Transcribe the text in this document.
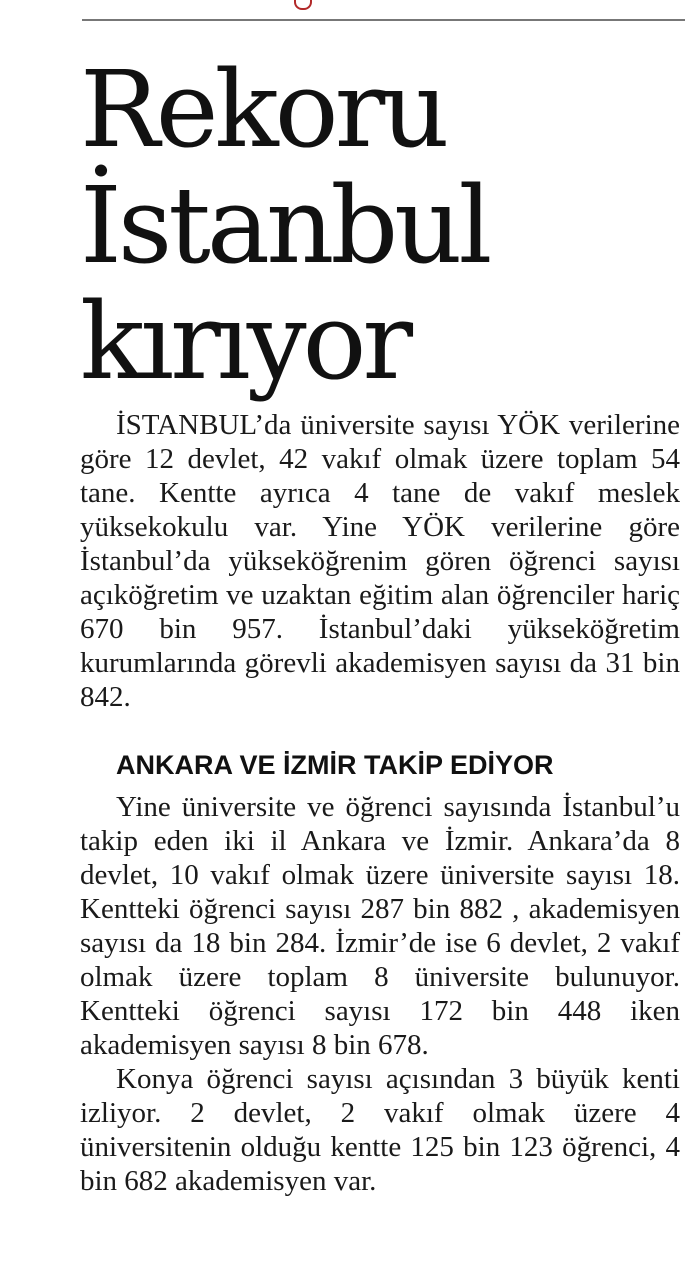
Rekoru
İstanbul
kırıyor

İSTANBUL’da üniversite sayısı YÖK verilerine göre 12 devlet, 42 vakıf olmak üzere toplam 54 tane. Kentte ayrıca 4 tane de vakıf meslek yüksekokulu var. Yine YÖK verilerine göre İstanbul’da yükseköğrenim gören öğrenci sayısı açıköğretim ve uzaktan eğitim alan öğrenciler hariç 670 bin 957. İstanbul’daki yükseköğretim kurumlarında görevli akademisyen sayısı da 31 bin 842.

ANKARA VE İZMİR TAKİP EDİYOR

Yine üniversite ve öğrenci sayısında İstanbul’u takip eden iki il Ankara ve İzmir. Ankara’da 8 devlet, 10 vakıf olmak üzere üniversite sayısı 18. Kentteki öğrenci sayısı 287 bin 882 , akademisyen sayısı da 18 bin 284. İzmir’de ise 6 devlet, 2 vakıf olmak üzere toplam 8 üniversite bulunuyor. Kentteki öğrenci sayısı 172 bin 448 iken akademisyen sayısı 8 bin 678.

Konya öğrenci sayısı açısından 3 büyük kenti izliyor. 2 devlet, 2 vakıf olmak üzere 4 üniversitenin olduğu kentte 125 bin 123 öğrenci, 4 bin 682 akademisyen var.
